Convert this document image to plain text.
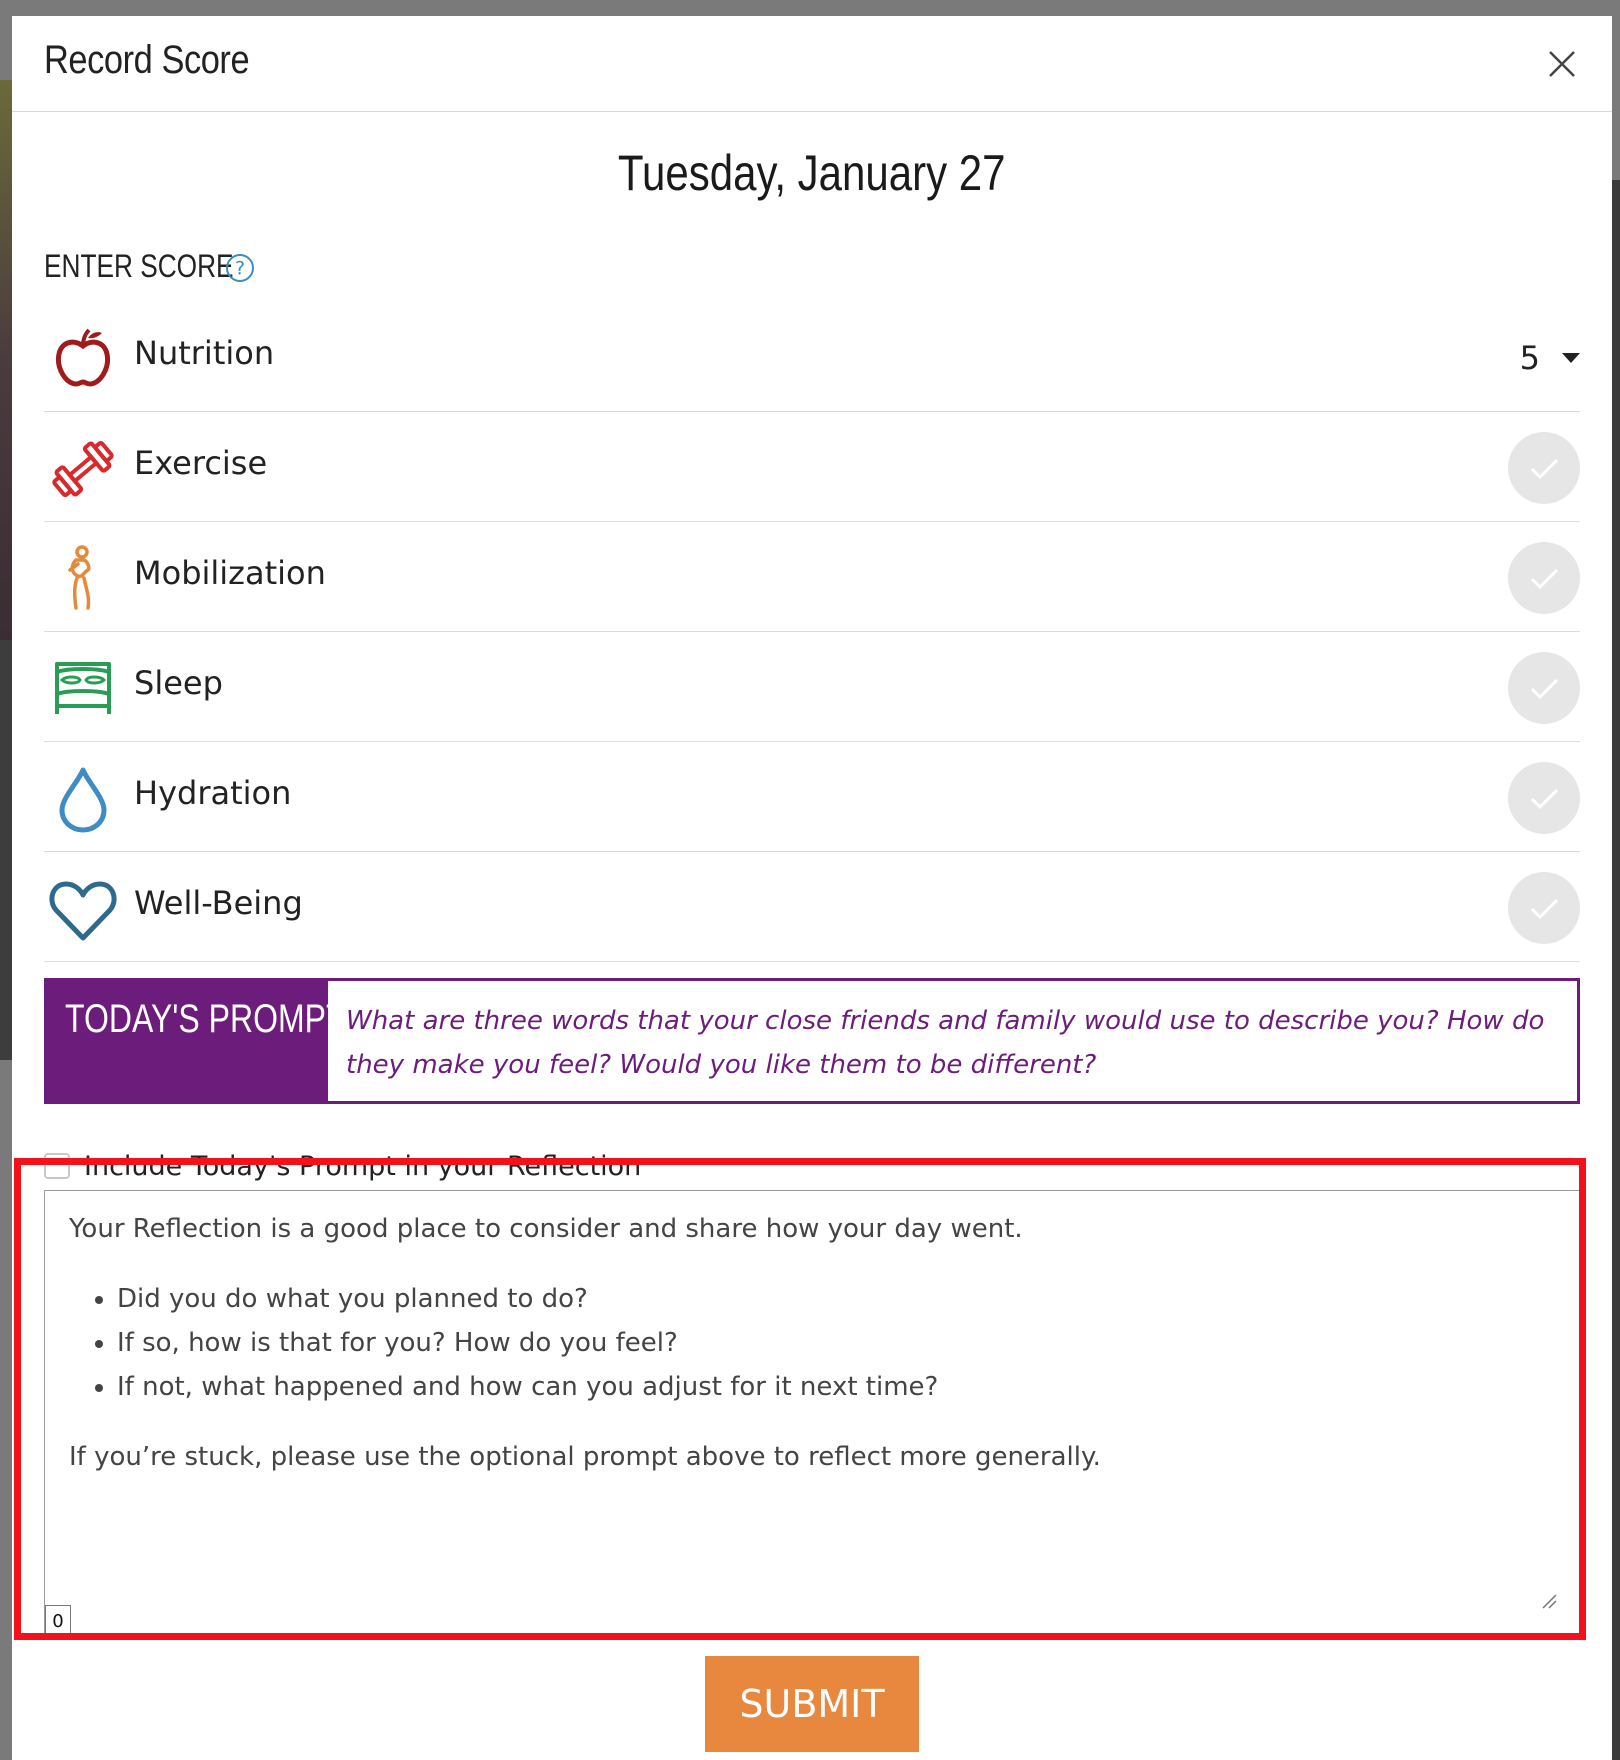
Record Score
Tuesday, January 27
ENTER SCORE ?
Nutrition	5
Exercise
Mobilization
Sleep
Hydration
Well-Being
TODAY'S PROMPT What are three words that your close friends and family would use to describe you? How do they make you feel? Would you like them to be different?
Include Today's Prompt in your Reflection

Your Reflection is a good place to consider and share how your day went.

• Did you do what you planned to do?
• If so, how is that for you? How do you feel?
• If not, what happened and how can you adjust for it next time?

If you’re stuck, please use the optional prompt above to reflect more generally.

0
SUBMIT
